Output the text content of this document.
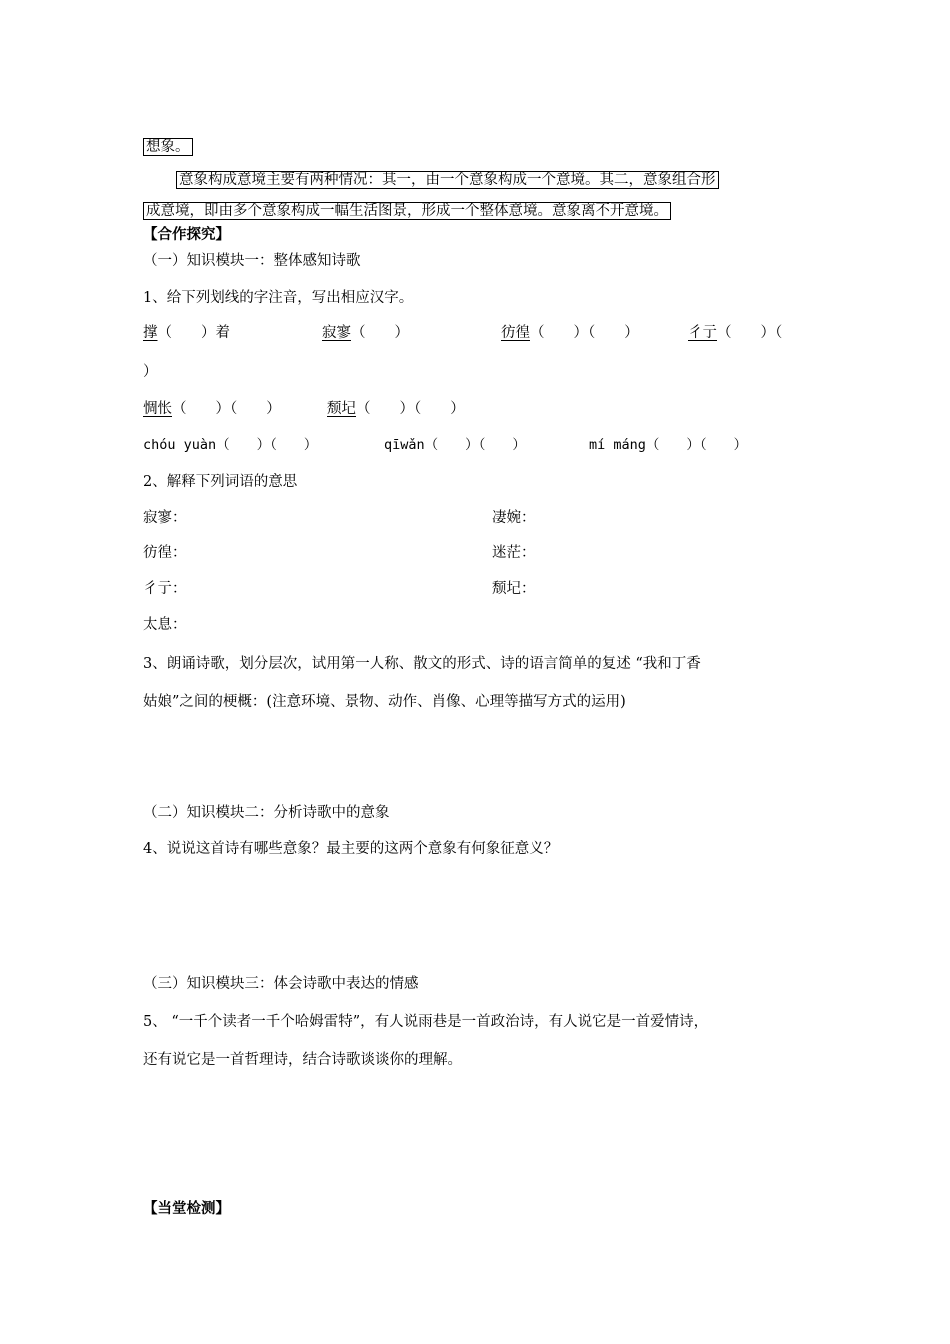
想象。
意象构成意境主要有两种情况：其一，由一个意象构成一个意境。其二，意象组合形
成意境，即由多个意象构成一幅生活图景，形成一个整体意境。意象离不开意境。
【合作探究】
（一）知识模块一：整体感知诗歌
1、给下列划线的字注音，写出相应汉字。
撑（　　）着	寂寥（　　）	彷徨（　　）（　　）	彳亍（　　）（
）
惆怅（　　）（　　）	颓圮（　　）（　　）
chóu yuàn（　　）（　　）	qīwǎn（　　）（　　）	mí máng（　　）（　　）
2、解释下列词语的意思
寂寥：	凄婉：
彷徨：	迷茫：
彳亍：	颓圮：
太息：
3、朗诵诗歌，划分层次，试用第一人称、散文的形式、诗的语言简单的复述 “我和丁香
姑娘”之间的梗概：(注意环境、景物、动作、肖像、心理等描写方式的运用)
（二）知识模块二：分析诗歌中的意象
4、说说这首诗有哪些意象？最主要的这两个意象有何象征意义？
（三）知识模块三：体会诗歌中表达的情感
5、 “一千个读者一千个哈姆雷特”，有人说雨巷是一首政治诗，有人说它是一首爱情诗，
还有说它是一首哲理诗，结合诗歌谈谈你的理解。
【当堂检测】
